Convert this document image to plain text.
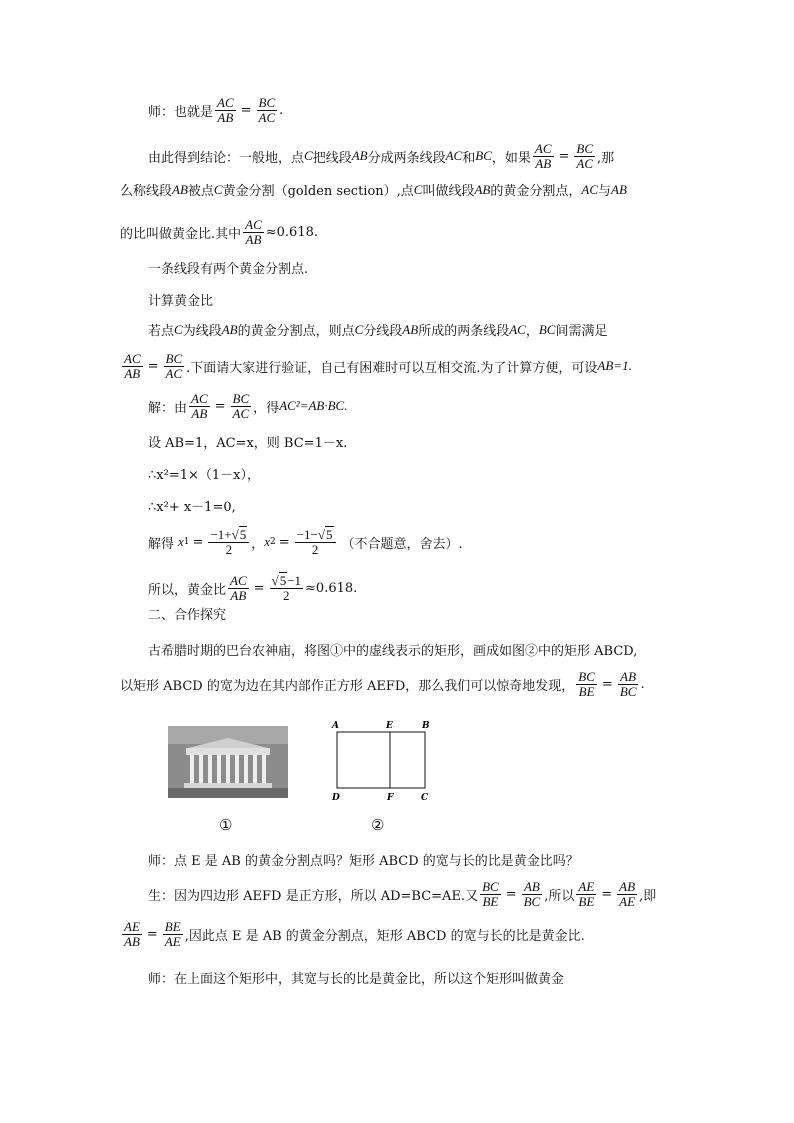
师：也就是 $\frac{AC}{AB} = \frac{BC}{AC}$ .
由此得到结论：一般地，点 C 把线段 AB 分成两条线段 AC 和 BC ，如果 $\frac{AC}{AB} = \frac{BC}{AC}$ ,那
么称线段 AB 被点 C 黄金分割（golden section）,点 C 叫做线段 AB 的黄金分割点， AC 与 AB
的比叫做黄金比.其中 $\frac{AC}{AB} \approx 0.618$.
一条线段有两个黄金分割点.
计算黄金比
若点 C 为线段 AB 的黄金分割点，则点 C 分线段 AB 所成的两条线段 AC ， BC 间需满足
$\frac{AC}{AB} = \frac{BC}{AC}$ .下面请大家进行验证，自己有困难时可以互相交流.为了计算方便，可设 AB=1.
解：由 $\frac{AC}{AB} = \frac{BC}{AC}$ ，得 AC²=AB·BC.
设 AB=1，AC=x，则 BC=1－x.
∴x²=1×（1－x），
∴x²+ x－1=0,
解得 x $1 = \frac{-1+√5}{2}$ ， x $2 = \frac{-1-√5}{2}$ （不合题意，舍去）.
所以，黄金比 $\frac{AC}{AB} = \frac{√5-1}{2} \approx 0.618$.
二、合作探究
古希腊时期的巴台农神庙，将图①中的虚线表示的矩形，画成如图②中的矩形 ABCD,
以矩形 ABCD 的宽为边在其内部作正方形 AEFD，那么我们可以惊奇地发现， $\frac{BC}{BE} = \frac{AB}{BC}$ .
A	E	B
D	F	C
①	②
师：点 E 是 AB 的黄金分割点吗？矩形 ABCD 的宽与长的比是黄金比吗？
生：因为四边形 AEFD 是正方形，所以 AD=BC=AE.又 $\frac{BC}{BE} = \frac{AB}{BC}$ ,所以 $\frac{AE}{BE} = \frac{AB}{AE}$ ,即
$\frac{AE}{AB} = \frac{BE}{AE}$ ,因此点 E 是 AB 的黄金分割点，矩形 ABCD 的宽与长的比是黄金比.
师：在上面这个矩形中，其宽与长的比是黄金比，所以这个矩形叫做黄金
